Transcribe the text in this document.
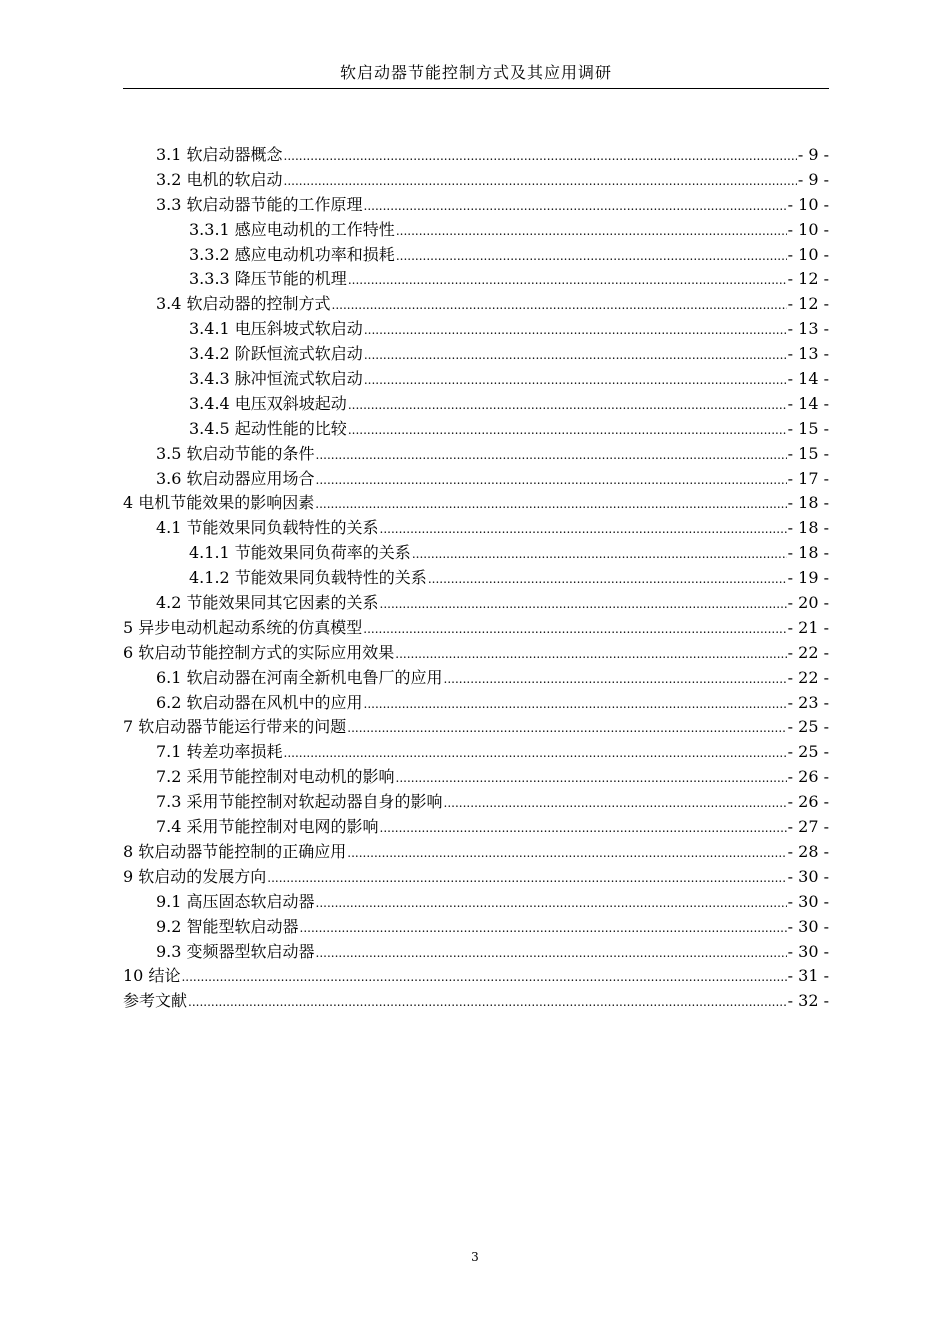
软启动器节能控制方式及其应用调研
3.1 软启动器概念 .....	- 9 -
3.2 电机的软启动 .....	- 9 -
3.3 软启动器节能的工作原理 .....	- 10 -
3.3.1 感应电动机的工作特性 .....	- 10 -
3.3.2 感应电动机功率和损耗 .....	- 10 -
3.3.3 降压节能的机理 .....	- 12 -
3.4 软启动器的控制方式 .....	- 12 -
3.4.1 电压斜坡式软启动 .....	- 13 -
3.4.2 阶跃恒流式软启动 .....	- 13 -
3.4.3 脉冲恒流式软启动 .....	- 14 -
3.4.4 电压双斜坡起动 .....	- 14 -
3.4.5 起动性能的比较 .....	- 15 -
3.5 软启动节能的条件 .....	- 15 -
3.6 软启动器应用场合 .....	- 17 -
4 电机节能效果的影响因素 .....	- 18 -
4.1 节能效果同负载特性的关系 .....	- 18 -
4.1.1 节能效果同负荷率的关系 .....	- 18 -
4.1.2 节能效果同负载特性的关系 .....	- 19 -
4.2 节能效果同其它因素的关系 .....	- 20 -
5 异步电动机起动系统的仿真模型 .....	- 21 -
6 软启动节能控制方式的实际应用效果 .....	- 22 -
6.1 软启动器在河南全新机电鲁厂的应用 .....	- 22 -
6.2 软启动器在风机中的应用 .....	- 23 -
7 软启动器节能运行带来的问题 .....	- 25 -
7.1 转差功率损耗 .....	- 25 -
7.2 采用节能控制对电动机的影响 .....	- 26 -
7.3 采用节能控制对软起动器自身的影响 .....	- 26 -
7.4 采用节能控制对电网的影响 .....	- 27 -
8 软启动器节能控制的正确应用 .....	- 28 -
9 软启动的发展方向 .....	- 30 -
9.1 高压固态软启动器 .....	- 30 -
9.2 智能型软启动器 .....	- 30 -
9.3 变频器型软启动器 .....	- 30 -
10 结论 .....	- 31 -
参考文献 .....	- 32 -
3
